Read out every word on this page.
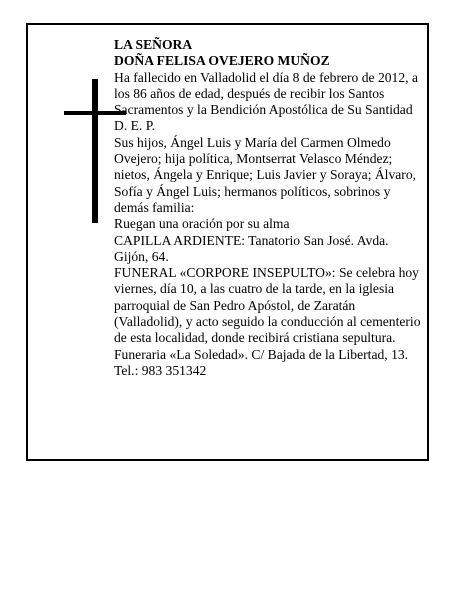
LA SEÑORA

DOÑA FELISA OVEJERO MUÑOZ

Ha fallecido en Valladolid el día 8 de febrero de 2012, a los 86 años de edad, después de recibir los Santos Sacramentos y la Bendición Apostólica de Su Santidad D. E. P.

Sus hijos, Ángel Luis y María del Carmen Olmedo Ovejero; hija política, Montserrat Velasco Méndez; nietos, Ángela y Enrique; Luis Javier y Soraya; Álvaro, Sofía y Ángel Luis; hermanos políticos, sobrinos y demás familia:

Ruegan una oración por su alma

CAPILLA ARDIENTE: Tanatorio San José. Avda. Gijón, 64.

FUNERAL «CORPORE INSEPULTO»: Se celebra hoy viernes, día 10, a las cuatro de la tarde, en la iglesia parroquial de San Pedro Apóstol, de Zaratán (Valladolid), y acto seguido la conducción al cementerio de esta localidad, donde recibirá cristiana sepultura.

Funeraria «La Soledad». C/ Bajada de la Libertad, 13. Tel.: 983 351342
